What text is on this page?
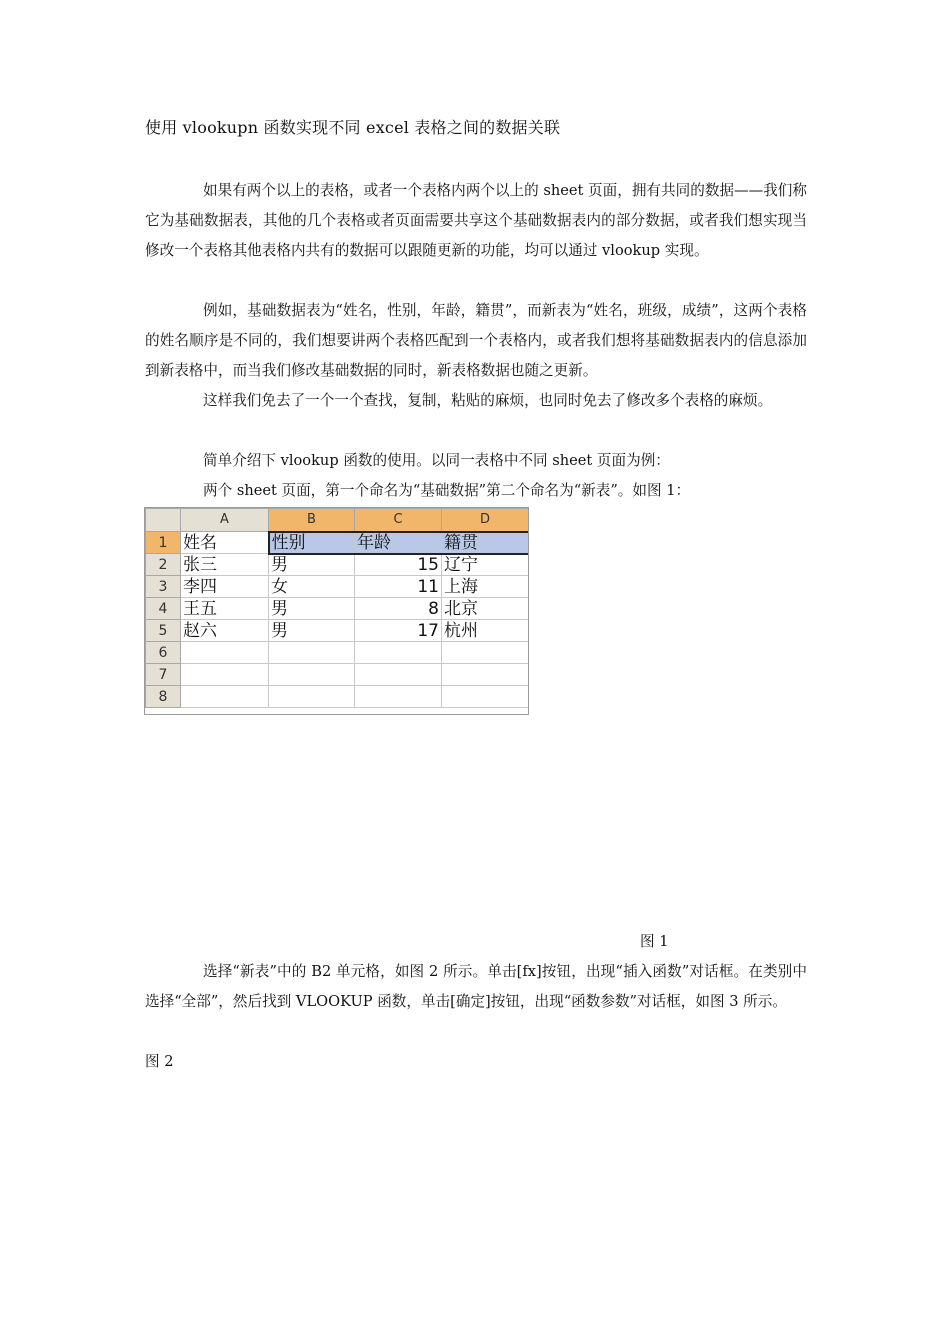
使用 vlookupn 函数实现不同 excel 表格之间的数据关联

如果有两个以上的表格，或者一个表格内两个以上的 sheet 页面，拥有共同的数据——我们称它为基础数据表，其他的几个表格或者页面需要共享这个基础数据表内的部分数据，或者我们想实现当修改一个表格其他表格内共有的数据可以跟随更新的功能，均可以通过 vlookup 实现。

例如，基础数据表为“姓名，性别，年龄，籍贯”，而新表为“姓名，班级，成绩”，这两个表格的姓名顺序是不同的，我们想要讲两个表格匹配到一个表格内，或者我们想将基础数据表内的信息添加到新表格中，而当我们修改基础数据的同时，新表格数据也随之更新。

这样我们免去了一个一个查找，复制，粘贴的麻烦，也同时免去了修改多个表格的麻烦。

简单介绍下 vlookup 函数的使用。以同一表格中不同 sheet 页面为例：

两个 sheet 页面，第一个命名为“基础数据”第二个命名为“新表”。如图 1：

	A	B	C	D
1	姓名	性别	年龄	籍贯
2	张三	男	15	辽宁
3	李四	女	11	上海
4	王五	男	8	北京
5	赵六	男	17	杭州
6				
7				
8				
图 1

选择“新表”中的 B2 单元格，如图 2 所示。单击[fx]按钮，出现“插入函数”对话框。在类别中选择“全部”，然后找到 VLOOKUP 函数，单击[确定]按钮，出现“函数参数”对话框，如图 3 所示。

图 2
